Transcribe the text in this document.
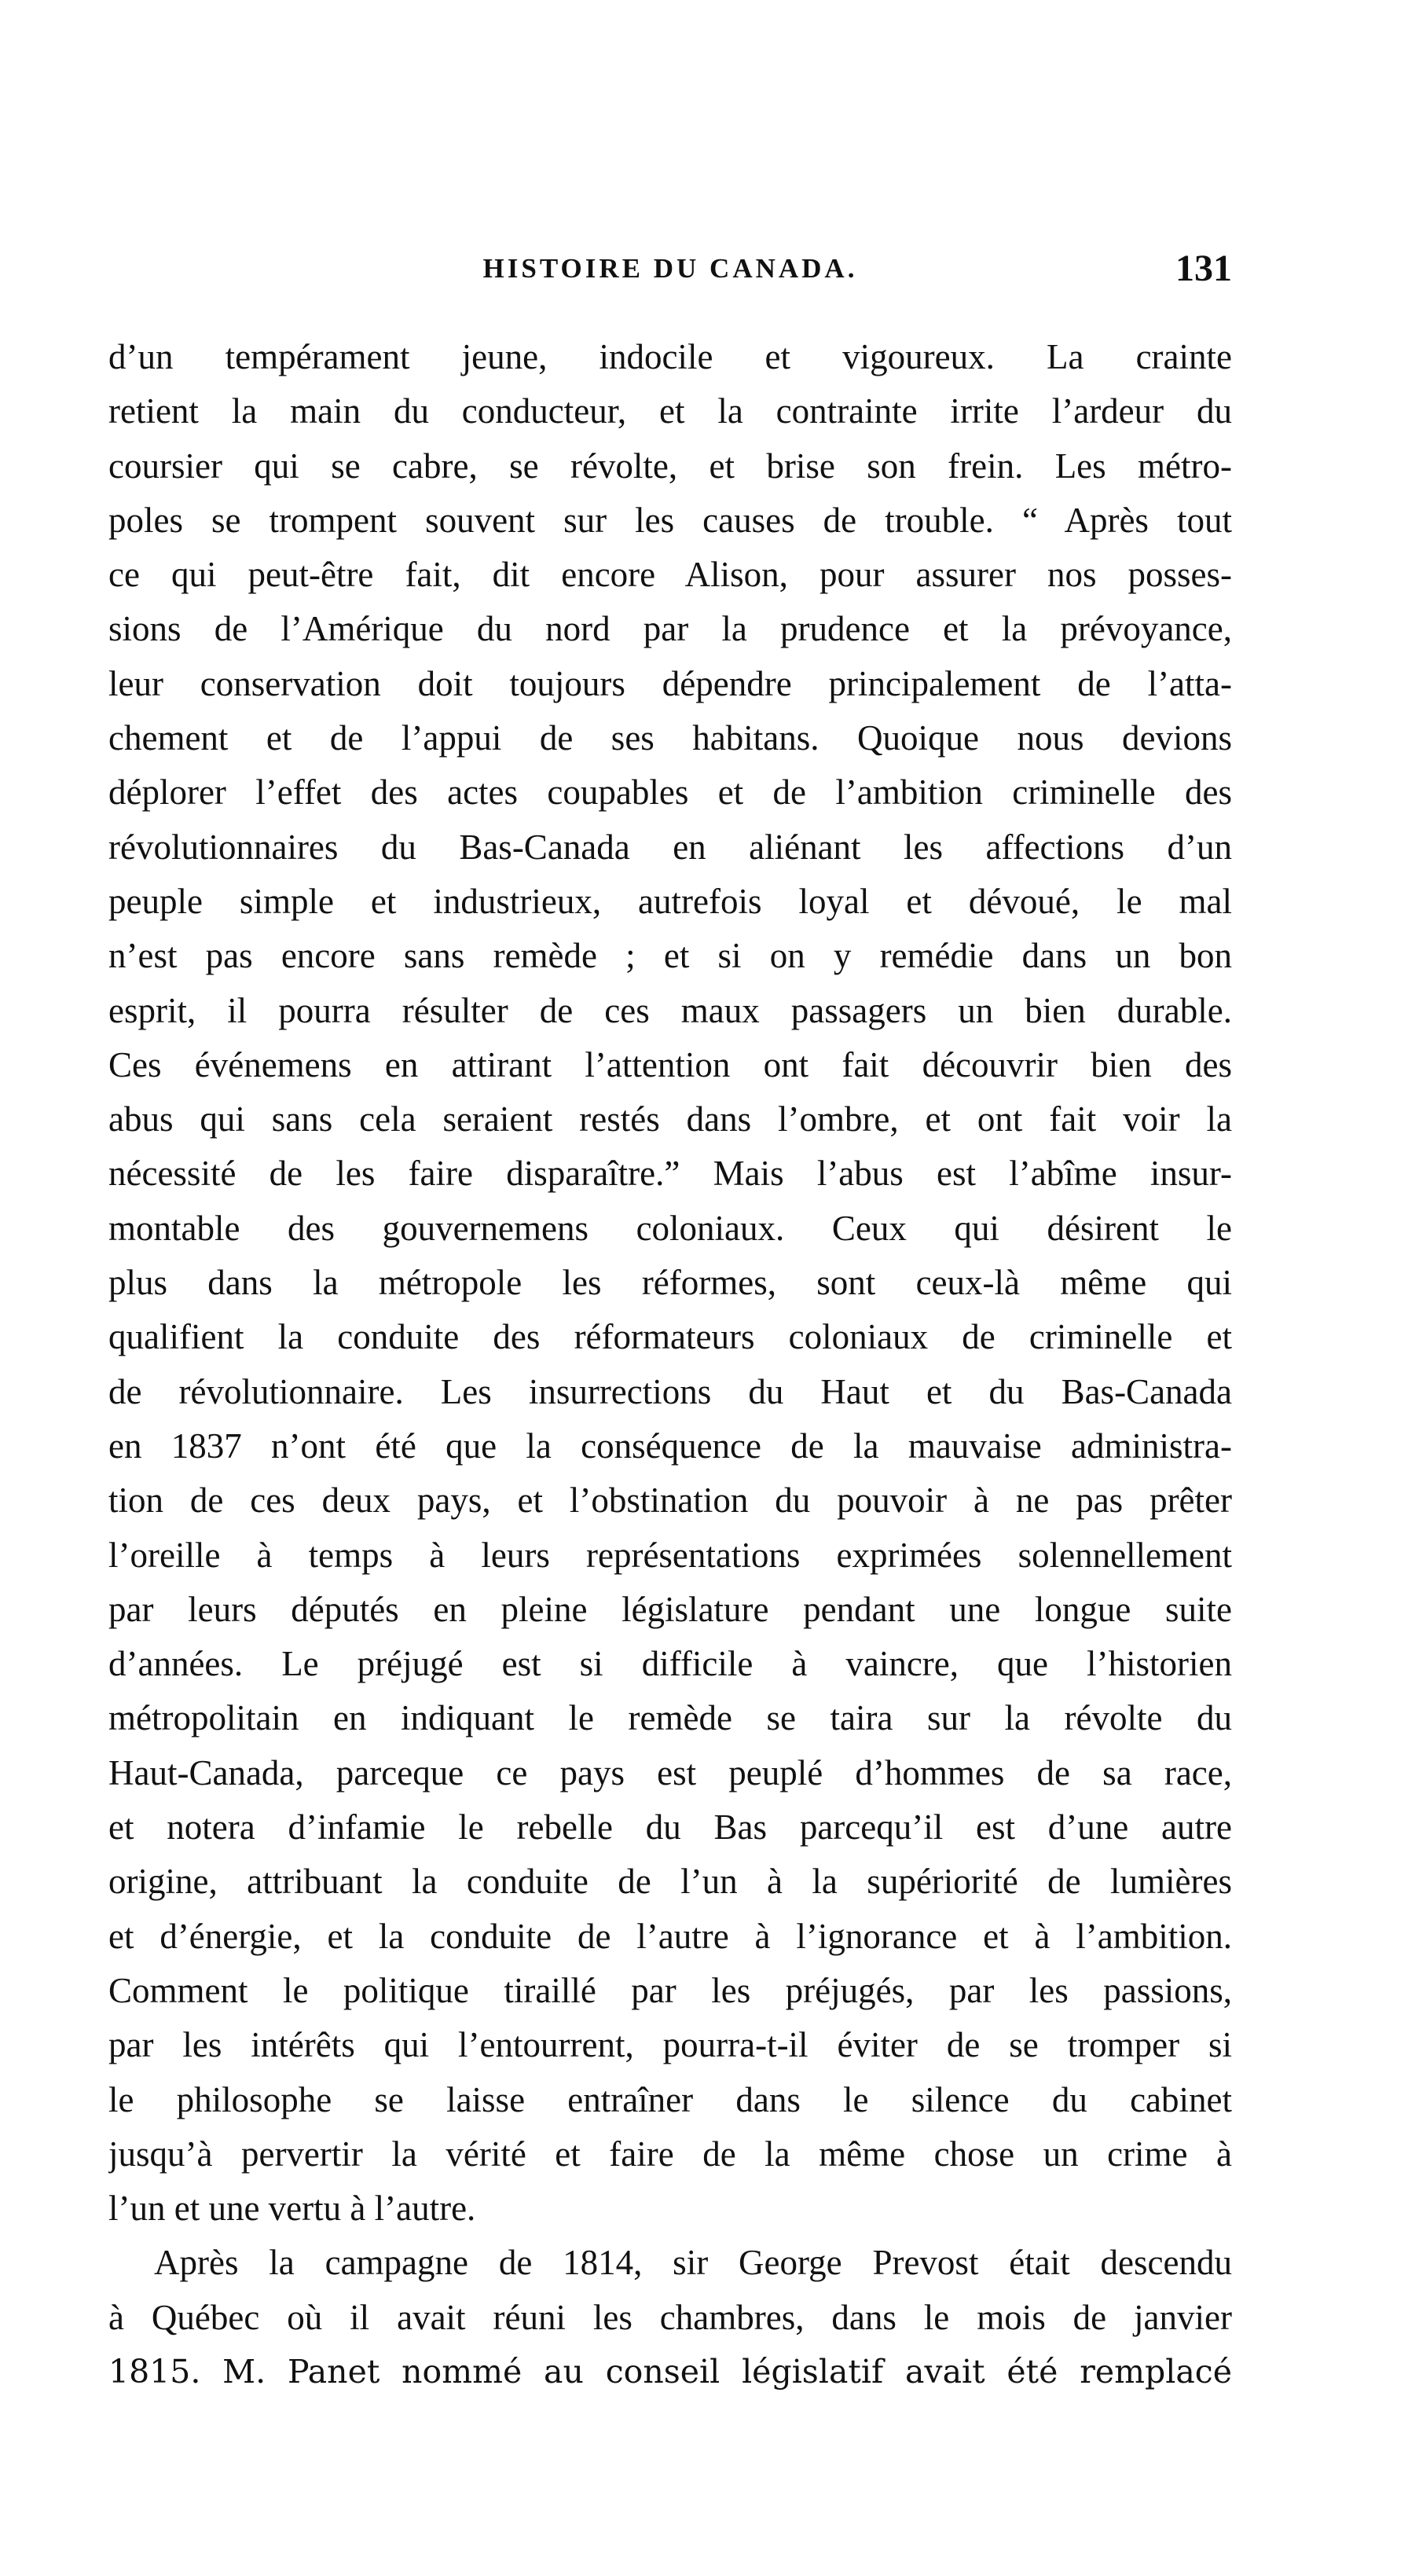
HISTOIRE DU CANADA.	131
d’un tempérament jeune, indocile et vigoureux. La crainte
retient la main du conducteur, et la contrainte irrite l’ardeur du
coursier qui se cabre, se révolte, et brise son frein. Les métro-
poles se trompent souvent sur les causes de trouble. “ Après tout
ce qui peut-être fait, dit encore Alison, pour assurer nos posses-
sions de l’Amérique du nord par la prudence et la prévoyance,
leur conservation doit toujours dépendre principalement de l’atta-
chement et de l’appui de ses habitans. Quoique nous devions
déplorer l’effet des actes coupables et de l’ambition criminelle des
révolutionnaires du Bas-Canada en aliénant les affections d’un
peuple simple et industrieux, autrefois loyal et dévoué, le mal
n’est pas encore sans remède ; et si on y remédie dans un bon
esprit, il pourra résulter de ces maux passagers un bien durable.
Ces événemens en attirant l’attention ont fait découvrir bien des
abus qui sans cela seraient restés dans l’ombre, et ont fait voir la
nécessité de les faire disparaître.” Mais l’abus est l’abîme insur-
montable des gouvernemens coloniaux. Ceux qui désirent le
plus dans la métropole les réformes, sont ceux-là même qui
qualifient la conduite des réformateurs coloniaux de criminelle et
de révolutionnaire. Les insurrections du Haut et du Bas-Canada
en 1837 n’ont été que la conséquence de la mauvaise administra-
tion de ces deux pays, et l’obstination du pouvoir à ne pas prêter
l’oreille à temps à leurs représentations exprimées solennellement
par leurs députés en pleine législature pendant une longue suite
d’années. Le préjugé est si difficile à vaincre, que l’historien
métropolitain en indiquant le remède se taira sur la révolte du
Haut-Canada, parceque ce pays est peuplé d’hommes de sa race,
et notera d’infamie le rebelle du Bas parcequ’il est d’une autre
origine, attribuant la conduite de l’un à la supériorité de lumières
et d’énergie, et la conduite de l’autre à l’ignorance et à l’ambition.
Comment le politique tiraillé par les préjugés, par les passions,
par les intérêts qui l’entourrent, pourra-t-il éviter de se tromper si
le philosophe se laisse entraîner dans le silence du cabinet
jusqu’à pervertir la vérité et faire de la même chose un crime à
l’un et une vertu à l’autre.
Après la campagne de 1814, sir George Prevost était descendu
à Québec où il avait réuni les chambres, dans le mois de janvier
1815. M. Panet nommé au conseil législatif avait été remplacé
